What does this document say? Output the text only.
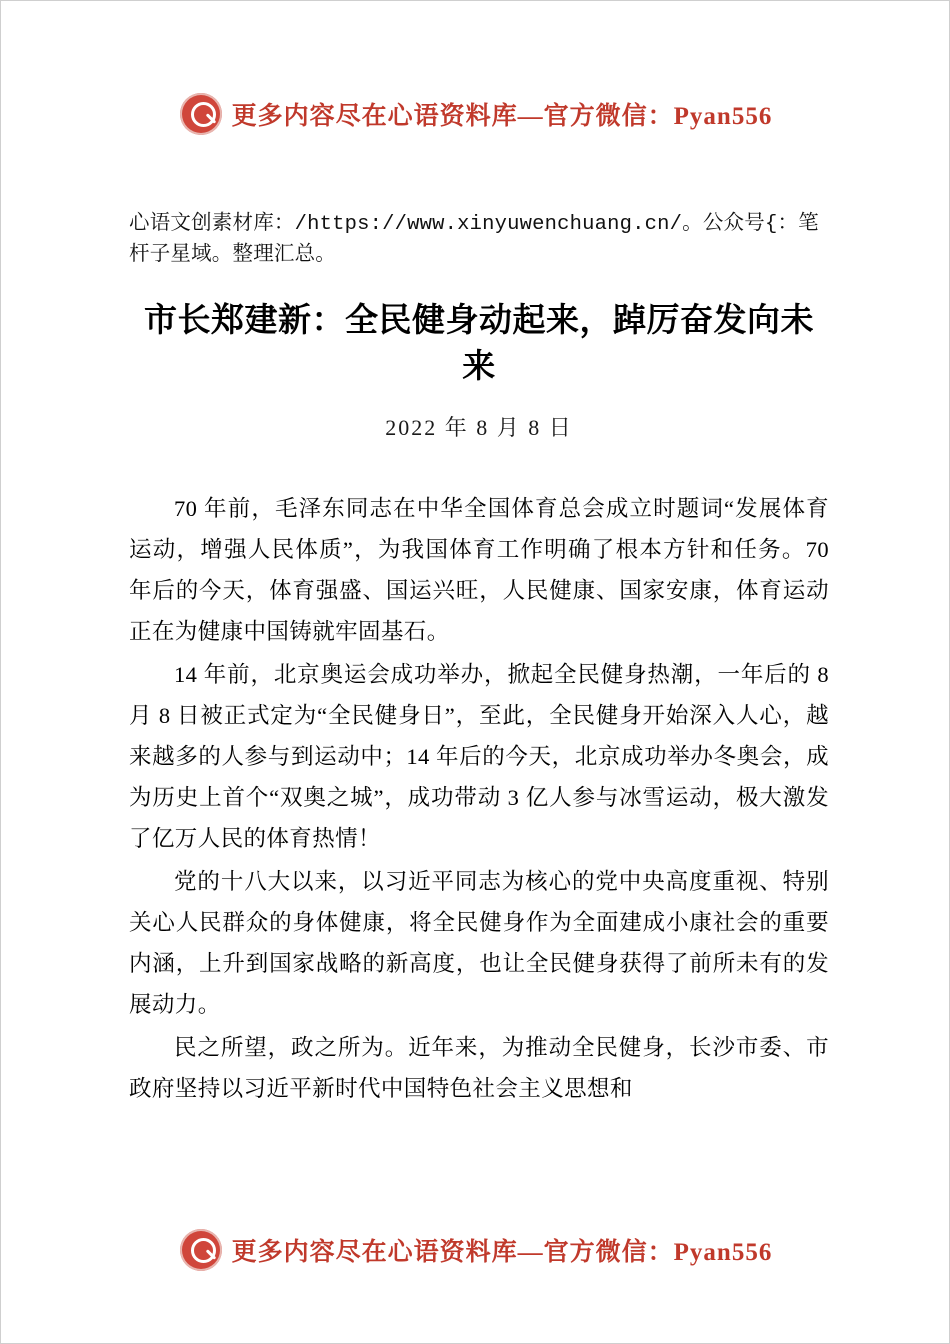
更多内容尽在心语资料库—官方微信：Pyan556
心语文创素材库：/https://www.xinyuwenchuang.cn/。公众号{：笔杆子星域。整理汇总。
市长郑建新：全民健身动起来，踔厉奋发向未来
2022 年 8 月 8 日

70 年前，毛泽东同志在中华全国体育总会成立时题词“发展体育运动，增强人民体质”，为我国体育工作明确了根本方针和任务。70 年后的今天，体育强盛、国运兴旺，人民健康、国家安康，体育运动正在为健康中国铸就牢固基石。

14 年前，北京奥运会成功举办，掀起全民健身热潮，一年后的 8 月 8 日被正式定为“全民健身日”，至此，全民健身开始深入人心，越来越多的人参与到运动中；14 年后的今天，北京成功举办冬奥会，成为历史上首个“双奥之城”，成功带动 3 亿人参与冰雪运动，极大激发了亿万人民的体育热情！

党的十八大以来，以习近平同志为核心的党中央高度重视、特别关心人民群众的身体健康，将全民健身作为全面建成小康社会的重要内涵，上升到国家战略的新高度，也让全民健身获得了前所未有的发展动力。

民之所望，政之所为。近年来，为推动全民健身，长沙市委、市政府坚持以习近平新时代中国特色社会主义思想和

更多内容尽在心语资料库—官方微信：Pyan556
